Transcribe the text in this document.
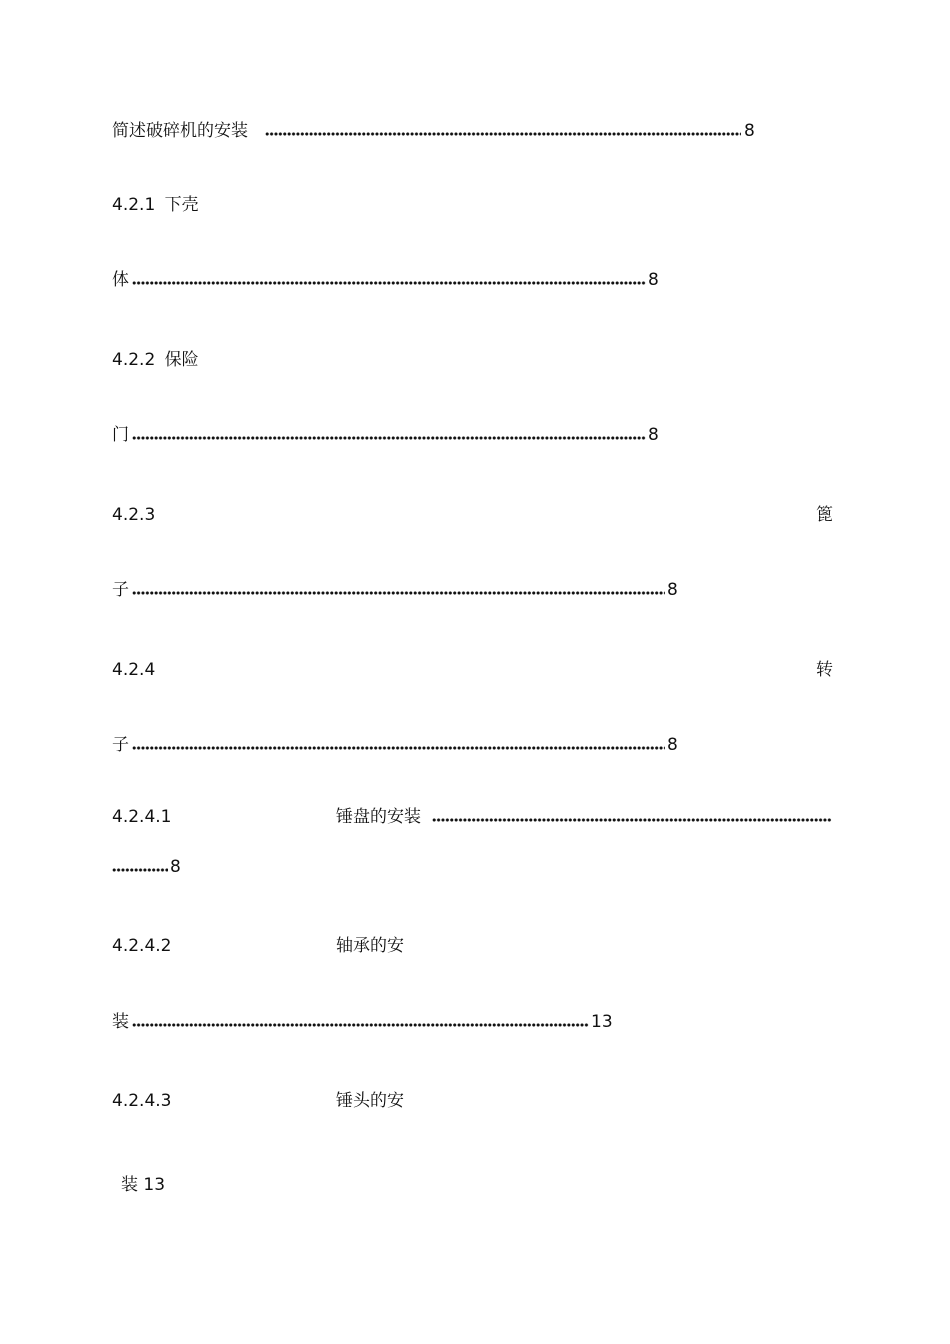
简述破碎机的安装	8
4.2.1 下壳
体	8
4.2.2 保险
门	8
4.2.3	篦
子	8
4.2.4	转
子	8
4.2.4.1	锤盘的安装
8
4.2.4.2	轴承的安
装	13
4.2.4.3	锤头的安
装 13
